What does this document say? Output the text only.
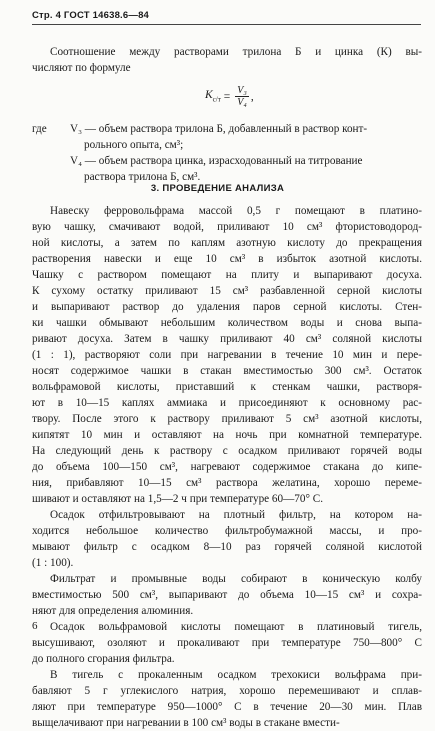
Стр. 4 ГОСТ 14638.6—84
Соотношение между растворами трилона Б и цинка (К) вы-
числяют по формуле
$K_{с/т} = \frac{\text{V₃}}{\text{V₄}}$ ,
где	V₃ — объем раствора трилона Б, добавленный в раствор конт-
рольного опыта, см³;
V₄ — объем раствора цинка, израсходованный на титрование
раствора трилона Б, см³.
3. ПРОВЕДЕНИЕ АНАЛИЗА
Навеску ферровольфрама массой 0,5 г помещают в платино-
вую чашку, смачивают водой, приливают 10 см³ фтористоводород-
ной кислоты, а затем по каплям азотную кислоту до прекращения
растворения навески и еще 10 см³ в избыток азотной кислоты.
Чашку с раствором помещают на плиту и выпаривают досуха.
К сухому остатку приливают 15 см³ разбавленной серной кислоты
и выпаривают раствор до удаления паров серной кислоты. Стен-
ки чашки обмывают небольшим количеством воды и снова выпа-
ривают досуха. Затем в чашку приливают 40 см³ соляной кислоты
(1 : 1), растворяют соли при нагревании в течение 10 мин и пере-
носят содержимое чашки в стакан вместимостью 300 см³. Остаток
вольфрамовой кислоты, приставший к стенкам чашки, растворя-
ют в 10—15 каплях аммиака и присоединяют к основному рас-
твору. После этого к раствору приливают 5 см³ азотной кислоты,
кипятят 10 мин и оставляют на ночь при комнатной температуре.
На следующий день к раствору с осадком приливают горячей воды
до объема 100—150 см³, нагревают содержимое стакана до кипе-
ния, прибавляют 10—15 см³ раствора желатина, хорошо переме-
шивают и оставляют на 1,5—2 ч при температуре 60—70° С.
Осадок отфильтровывают на плотный фильтр, на котором на-
ходится небольшое количество фильтробумажной массы, и про-
мывают фильтр с осадком 8—10 раз горячей соляной кислотой
(1 : 100).
Фильтрат и промывные воды собирают в коническую колбу
вместимостью 500 см³, выпаривают до объема 10—15 см³ и сохра-
няют для определения алюминия.
Осадок вольфрамовой кислоты помещают в платиновый тигель,
высушивают, озоляют и прокаливают при температуре 750—800° С
до полного сгорания фильтра.
В тигель с прокаленным осадком трехокиси вольфрама при-
бавляют 5 г углекислого натрия, хорошо перемешивают и сплав-
ляют при температуре 950—1000° С в течение 20—30 мин. Плав
выщелачивают при нагревании в 100 см³ воды в стакане вмести-
6
